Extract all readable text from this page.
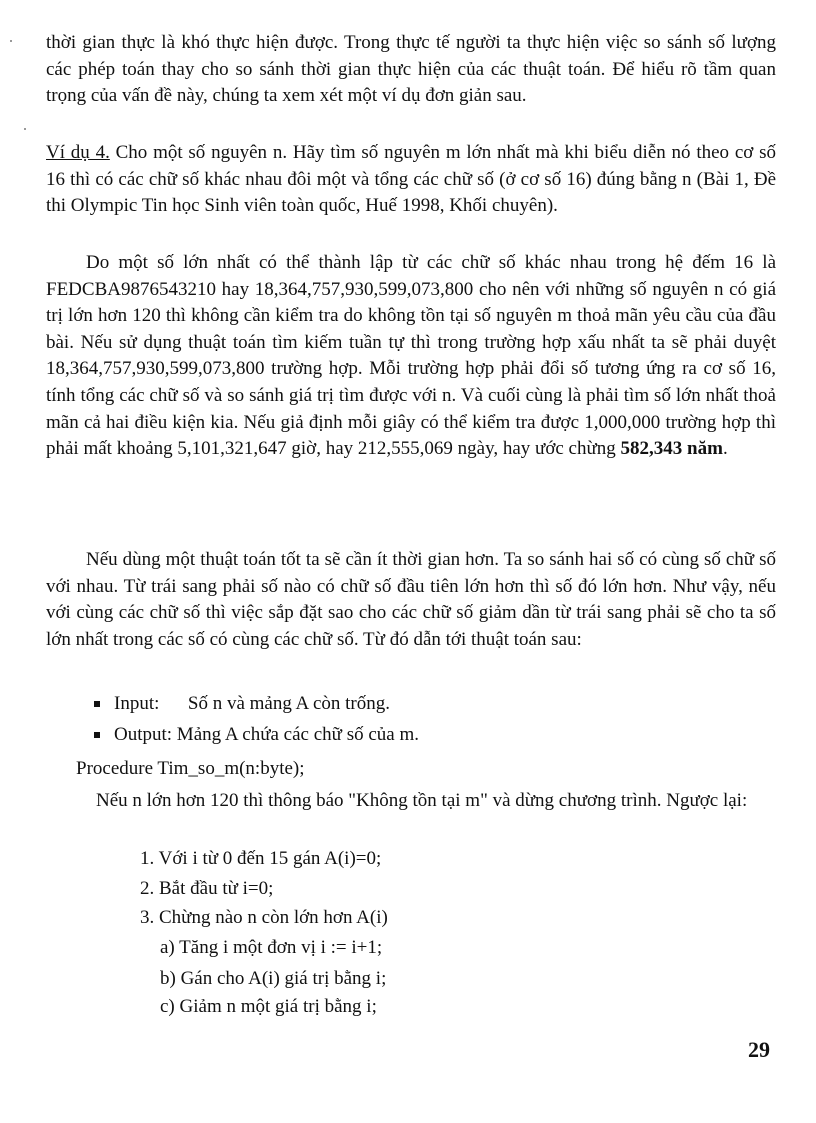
thời gian thực là khó thực hiện được. Trong thực tế người ta thực hiện việc so sánh số lượng các phép toán thay cho so sánh thời gian thực hiện của các thuật toán. Để hiểu rõ tầm quan trọng của vấn đề này, chúng ta xem xét một ví dụ đơn giản sau.

Ví dụ 4. Cho một số nguyên n. Hãy tìm số nguyên m lớn nhất mà khi biểu diễn nó theo cơ số 16 thì có các chữ số khác nhau đôi một và tổng các chữ số (ở cơ số 16) đúng bằng n (Bài 1, Đề thi Olympic Tin học Sinh viên toàn quốc, Huế 1998, Khối chuyên).

Do một số lớn nhất có thể thành lập từ các chữ số khác nhau trong hệ đếm 16 là FEDCBA9876543210 hay 18,364,757,930,599,073,800 cho nên với những số nguyên n có giá trị lớn hơn 120 thì không cần kiểm tra do không tồn tại số nguyên m thoả mãn yêu cầu của đầu bài. Nếu sử dụng thuật toán tìm kiếm tuần tự thì trong trường hợp xấu nhất ta sẽ phải duyệt 18,364,757,930,599,073,800 trường hợp. Mỗi trường hợp phải đổi số tương ứng ra cơ số 16, tính tổng các chữ số và so sánh giá trị tìm được với n. Và cuối cùng là phải tìm số lớn nhất thoả mãn cả hai điều kiện kia. Nếu giả định mỗi giây có thể kiểm tra được 1,000,000 trường hợp thì phải mất khoảng 5,101,321,647 giờ, hay 212,555,069 ngày, hay ước chừng 582,343 năm.

Nếu dùng một thuật toán tốt ta sẽ cần ít thời gian hơn. Ta so sánh hai số có cùng số chữ số với nhau. Từ trái sang phải số nào có chữ số đầu tiên lớn hơn thì số đó lớn hơn. Như vậy, nếu với cùng các chữ số thì việc sắp đặt sao cho các chữ số giảm dần từ trái sang phải sẽ cho ta số lớn nhất trong các số có cùng các chữ số. Từ đó dẫn tới thuật toán sau:

Input:      Số n và mảng A còn trống.

Output: Mảng A chứa các chữ số của m.

Procedure Tim_so_m(n:byte);

Nếu n lớn hơn 120 thì thông báo "Không tồn tại m" và dừng chương trình. Ngược lại:

1. Với i từ 0 đến 15 gán A(i)=0;

2. Bắt đầu từ i=0;

3. Chừng nào n còn lớn hơn A(i)

a) Tăng i một đơn vị i := i+1;

b) Gán cho A(i) giá trị bằng i;

c) Giảm n một giá trị bằng i;

29
